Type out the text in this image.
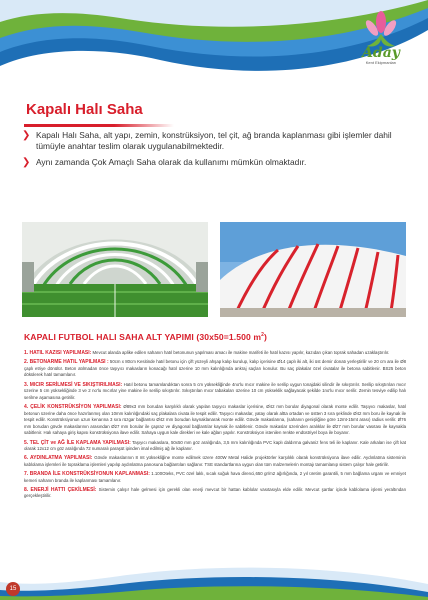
Aday
Kent Ekipmanları
Kapalı Halı Saha
❯ Kapalı Halı Saha, alt yapı, zemin, konstrüksiyon, tel çit, ağ branda kaplanması gibi işlemler dahil tümüyle anahtar teslim olarak uygulanabilmektedir.
❯ Aynı zamanda Çok Amaçlı Saha olarak da kullanımı mümkün olmaktadır.
KAPALI FUTBOL HALI SAHA ALT YAPIMI (30x50=1.500 $m^2$)

1. HATIL KAZISI YAPILMASI: Mevcut alanda aplike edilen sahanın hatıl betonunun yapılması amacı ile makine marifeti ile hatıl kazısı yapılır, kazıdan çıkan toprak sahadan uzaklaştırılır.

2. BETONARME HATIL YAPILMASI : 50cm x 80cm Kesitinde hatıl betonu için çift yüzeyli ahşap kalıp kurulup, kalıp içerisine Ø14 çaplı iki alt, iki üst demir donatı yerleştirilir ve 20 cm ara ile Ø8 çaplı etriye dönülür. Beton atılmadan önce taşıyıcı makasların konacağı hatıl üzerine 10 mm kalınlığında ankraj saçları konulur. Bu saç plakalar özel civatalar ile betona sabitlenir. BS25 beton dökülerek hatıl tamamlanır.

3. MICIR SERİLMESİ VE SIKIŞTIRILMASI: Hatıl betonu tamamlandıktan sonra 5 cm yüksekliğinde 4no'lu mıcır makine ile serilip uygun tonajdaki silindir ile sıkıştırılır. Serilip sıkıştırılan mıcır üzerine 5 cm yüksekliğinde 3 ve 2 no'lu mıcırlar yine makine ile serilip sıkıştırılır. Sıkıştırılan mıcır tabakaları üzerine 10 cm yükseklik sağlayacak şekilde 1no'lu mıcır serilir. Zemin tesviye edilip halı serilme aşamasına getirilir.

4. ÇELİK KONSTRÜKSİYON YAPILMASI: Ø89x3 mm borudan karşılıklı olarak yapılan taşıyıcı makaslar içerisine, Ø42 mm borular diyagonal olarak monte edilir. Taşıyıcı makaslar, hatıl betonun üzerine daha önce hazırlanmış olan 10mm kalınlığındaki saç plakalara civata ile tespit edilir. Taşıyıcı makaslar, yatay olarak altta ortadan ve üstten 3 sıra şeklinde Ø42 mm boru ile kaynak ile tespit edilir. Konstrüksiyonun uzun kenarına 3 sıra rüzgar bağlantısı Ø42 mm borudan kaynaklanarak monte edilir. Gövde makaslarına, (sahanın genişliğine göre 12mt-15mt arası) radius verilir. Ø76 mm borudan gövde makaslarının arasından Ø27 mm borular ile çapraz ve diyagonal bağlantılar kaynak ile sabitlenir. Gövde makaslar üzerinden aralıklar ile Ø27 mm borular vasıtası ile kaynakla sabitlenir. Halı sahaya giriş kapısı konstrüksiyona ilave edilir. Sahaya uygun kale direkleri ve kale ağları yapılır. Konstrüksiyon istenilen renkte endüstriyel boya ile boyanır.

5. TEL ÇİT ve AĞ İLE KAPLAMA YAPILMASI: Taşıyıcı makaslara, 50x50 mm göz aralığında, 3,5 mm kalınlığında PVC kaplı daldırma galvaniz fens teli ile kaplanır. Kale arkaları ise çift kat olarak 12x12 cm göz aralığında 72 numaralı paraşüt ipinden imal edilmiş ağ ile kaplanır.

6. AYDINLATMA YAPILMASI: Gövde makaslarının 8 mt yüksekliğine monte edilmek üzere 400W Metal Halide projektörler karşılıklı olarak konstrüksiyona ilave edilir. Aydınlatma sisteminin kablolama işlemleri ile topraklama işlemleri yapılıp aydınlatma panosuna bağlantıları sağlanır. TSE standartlarına uygun olan tüm malzemelerin montajı tamamlanıp sistem çalışır hale getirilir.

7. BRANDA İLE KONSTRÜKSİYONUN KAPLANMASI: 1.100Oteks, PVC özel laklı, sıcak soğuk hava direnci,650 gr/m2 ağırlığında, 2 yıl üretim garantili, 5 mm bağlama urganı ve emniyet kemeri sahanın branda ile kaplanması tamamlanır.

8. ENERJİ HATTI ÇEKİLMESİ: Sistemin çalışır hale gelmesi için gerekli olan enerji mevcut bir hattan kablolar vasıtasıyla elde edilir. Mevcut şartlar içinde kablolama işlemi yeraltından gerçekleştirilir.

15
